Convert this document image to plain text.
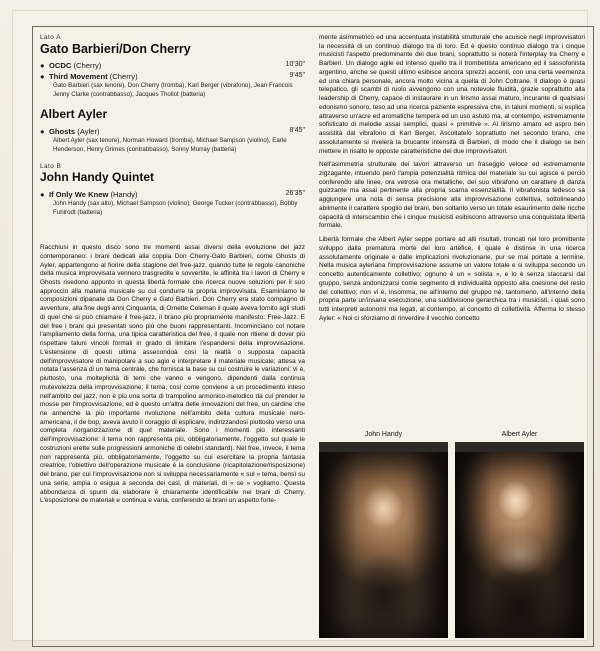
Lato A
Gato Barbieri/Don Cherry
● OCDC (Cherry)	10'30"
● Third Movement (Cherry)	9'45"
Gato Barbieri (sax tenore), Don Cherry (tromba), Karl Berger (vibrafono), Jean Francois Jenny Clarke (contrabbasso), Jacques Thollot (batteria)
Albert Ayler
● Ghosts (Ayler)	8'45"
Albert Ayler (sax tenore), Norman Howard (tromba), Michael Sampson (violino), Earle Henderson, Henry Grimes (contrabbasso), Sonny Murray (batteria)
Lato B
John Handy Quintet
● If Only We Knew (Handy)	26'35"
John Handy (sax alto), Michael Sampson (violino), George Tucker (contrabbasso), Bobby Fuhlrodt (batteria)

Racchiusi in questo disco sono tre momenti assai diversi della evoluzione del jazz contemporaneo: i brani dedicati alla coppia Don Cherry-Gato Barbieri, come Ghosts di Ayler, appartengono al fiorire della stagione del free-jazz, quando tutte le regole canoniche della musica improvvisata vennero trasgredite e sovvertite, le affinità tra i lavori di Cherry e Ghosts risedono appunto in questa libertà formale che ricerca nuove soluzioni per il suo approccio alla materia musicale su cui condurre la propria improvvisata. Esaminiamo le composizioni dipanate da Don Cherry e Gato Barbieri. Don Cherry era stato compagno di avventure, alla fine degli anni Cinquanta, di Ornette Coleman il quale aveva fornito agli studi di quel che si può chiamare il free-jazz, il brano più propriamente manifesto: Free-Jazz. E del free i brani qui presentati sono più che buoni rappresentanti. Incominciano col notare l'ampliamento della forma, una tipica caratteristica del free, il quale non ritiene di dover più rispettare taluni vincoli formali in grado di limitare l'espandersi della improvvisazione. L'estensione di questi ultima assecondoà così la realtà o supposta capacità dell'improvvisatore di manipolare a suo agio e interpretare il materiale musicale; attesa va notata l'assenza di un tema centrale, che fornisca la base su cui costruire le variazioni: vi è, piuttosto, una molteplicità di temi che vanno e vengono, dipendenti dalla continua mutevolezza della improvvisazione; il tema, così come conviene a un procedimento inteso nell'ambito del jazz, non è più una sorta di trampolino armonico-melodico da cui prender le mosse per l'improvvisazione, ed è questo un'altra delle innovazioni del free, un cardine che ne annenche la più importante rivoluzione nell'ambito della cultura musicale nero-americana, il de bop, aveva avuto il coraggio di esplicare, indirizzandosi piuttosto verso una completa riorganizzazione di quel materiale. Sono i momenti più interessanti dell'improvvisazione: il tema non rappresenta più, obbligatoriamente, l'oggetto sul quale le costruzioni erette sulle progressioni armoniche di celebri standard). Nel free, invece, il tema non rappresenta più, obbligatoriamente, l'oggetto su cui esercitare la propria fantasia creatrice, l'obiettivo dell'operazione musicale è la conclusione (ricapitolazione/risposizione) del brano, per cui l'improvvisazione non si sviluppa necessariamente « sul » tema, bensì su una serie, ampia o esigua a seconda dei casi, di materiali, di « se » vogliamo. Questa abbondanza di spunti da elaborare è chiaramente identificabile nei brani di Cherry. L'esposizione de materiali e continua e varia, conferendo ai brani un aspetto forte-

mente asimmetrico ed una accentuata instabilità strutturale che acuisce negli improvvisatori la necessità di un continuo dialogo tra di loro. Ed è questo continuo dialogo tra i cinque musicisti l'aspetto predominante dei due brani, soprattutto si noterà l'interplay tra Cherry e Barbieri. Un dialogo agile ed intenso quello tra il trombettista americano ed il sassofonista argentino, anche se questi ultimo esibisce ancora sprezzi accenti, con una certa veemenza ed una chiara personale, ancora molto vicina a quella di John Coltrane. Il dialogo è quasi telepatico, gli scambi di ruolo avvengono con una notevole fluidità, grazie soprattutto alla leadership di Cherry, capace di instaurare in un lirismo assai maturo, incurante di qualsiasi edonismo sonoro, teso ad una ricerca paziente espressiva che, in taluni momenti, si esplica attraverso un'acre ed aromatiche tempera ed un uso astuto ma, al contempo, estremamente sofisticato di melodie assai semplici, quasi « primitive ». Al lirismo amaro ed aspro ben assistità dal vibrafono di Karl Berger. Ascoltatelo soprattutto nel secondo brano, che assolutamente si rivelerà la brucante intensità di Barbieri, di modo che il dialogo se ben mettere in risalto le opposte caratteristiche dei due improvvisatori.

Nell'asimmetria strutturale dei lavori attraverso un fraseggio veloce ed estremamente zigzagante, intuendo però l'ampia potenzialità ritmica del materiale su cui agisce e perciò conferendo alle linee, ora vetrose ora metalliche, del suo vibrafono un carattere di danza guizzante ma assai pertinente alla propria scarna essenzialità. Il vibrafonista tedesco sa aggiungere una nota di sensa precisione alla improvvisazione collettiva, sottolineando abilmente il carattere spoglio dei brani, ben soltanto verso un totale esaurimento delle ricche capacità di interscambio che i cinque musicisti esibiscono attraverso una conquistata libertà formale.

Libertà formale che Albert Ayler seppe portare ad alti risultati, troncati nel loro promittente sviluppo dalla prematura morte del loro artefice, il quale è distinse in una ricerca assolutamente originale e dalle implicazioni rivoluzionarie, pur se mai portate a termine. Nella musica ayleriana l'improvvisazione assume un valore totale e si sviluppa secondo un concetto autenticamente collettivo: ognuno è un « solista », e lo è senza staccarsi dal gruppo, senza andonizzarsi come segmento di individualità opposto alla coesione del resto del collettivo; non vi è, insomma, ne all'interno del gruppo né, tantomeno, all'interno della propria parte un'insana esecuzione, una suddivisione gerarchica tra i musicisti, i quali sono tutti interpreti autonomi ma legati, al contempo, al concetto di collettività. Afferma lo stesso Ayler: « Noi ci sforziamo di rinverdire il vecchio concetto

John Handy	Albert Ayler
